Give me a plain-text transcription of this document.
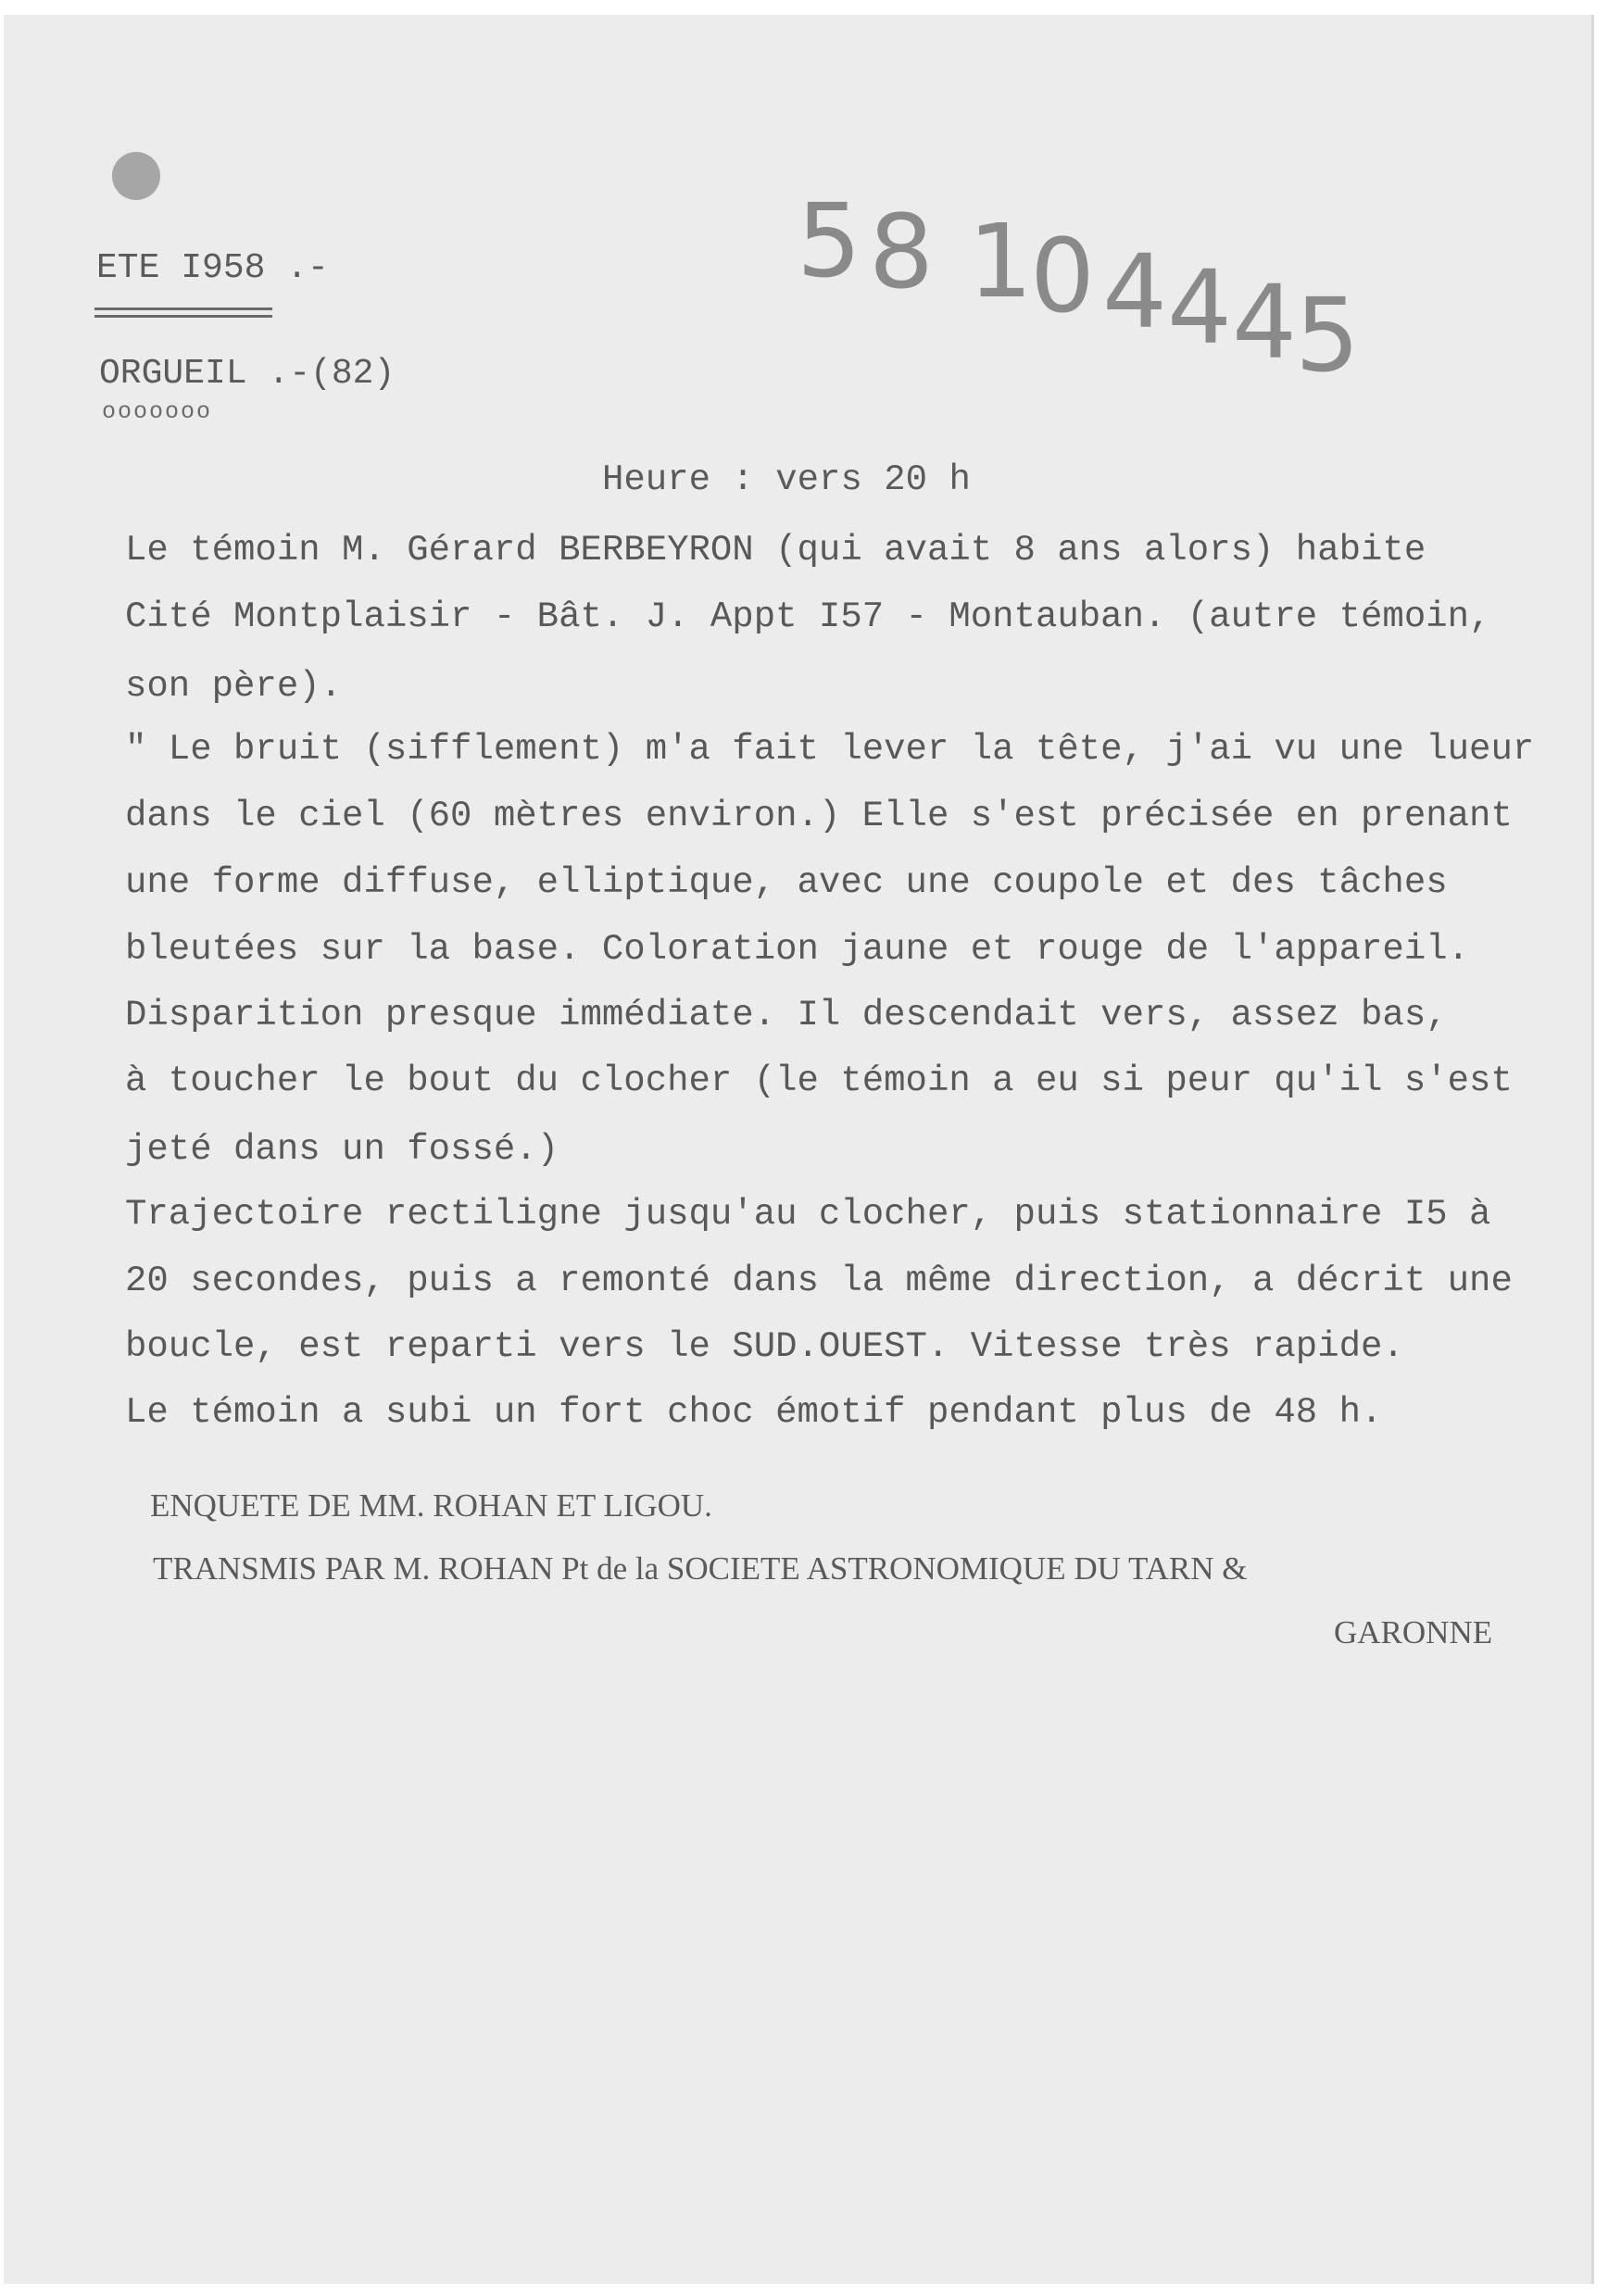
ETE I958 .-
ORGUEIL .-(82)
ooooooo
5 8 1
0 4 4 4
5
Heure : vers 20 h
Le témoin M. Gérard BERBEYRON (qui avait 8 ans alors) habite
Cité Montplaisir - Bât. J. Appt I57 - Montauban. (autre témoin,
son père).
" Le bruit (sifflement) m'a fait lever la tête, j'ai vu une lueur
dans le ciel (60 mètres environ.) Elle s'est précisée en prenant
une forme diffuse, elliptique, avec une coupole et des tâches
bleutées sur la base. Coloration jaune et rouge de l'appareil.
Disparition presque immédiate. Il descendait vers, assez bas,
à toucher le bout du clocher (le témoin a eu si peur qu'il s'est
jeté dans un fossé.)
Trajectoire rectiligne jusqu'au clocher, puis stationnaire I5 à
20 secondes, puis a remonté dans la même direction, a décrit une
boucle, est reparti vers le SUD.OUEST. Vitesse très rapide.
Le témoin a subi un fort choc émotif pendant plus de 48 h.
ENQUETE DE MM. ROHAN ET LIGOU.
TRANSMIS PAR M. ROHAN Pt de la SOCIETE ASTRONOMIQUE DU TARN &
GARONNE
